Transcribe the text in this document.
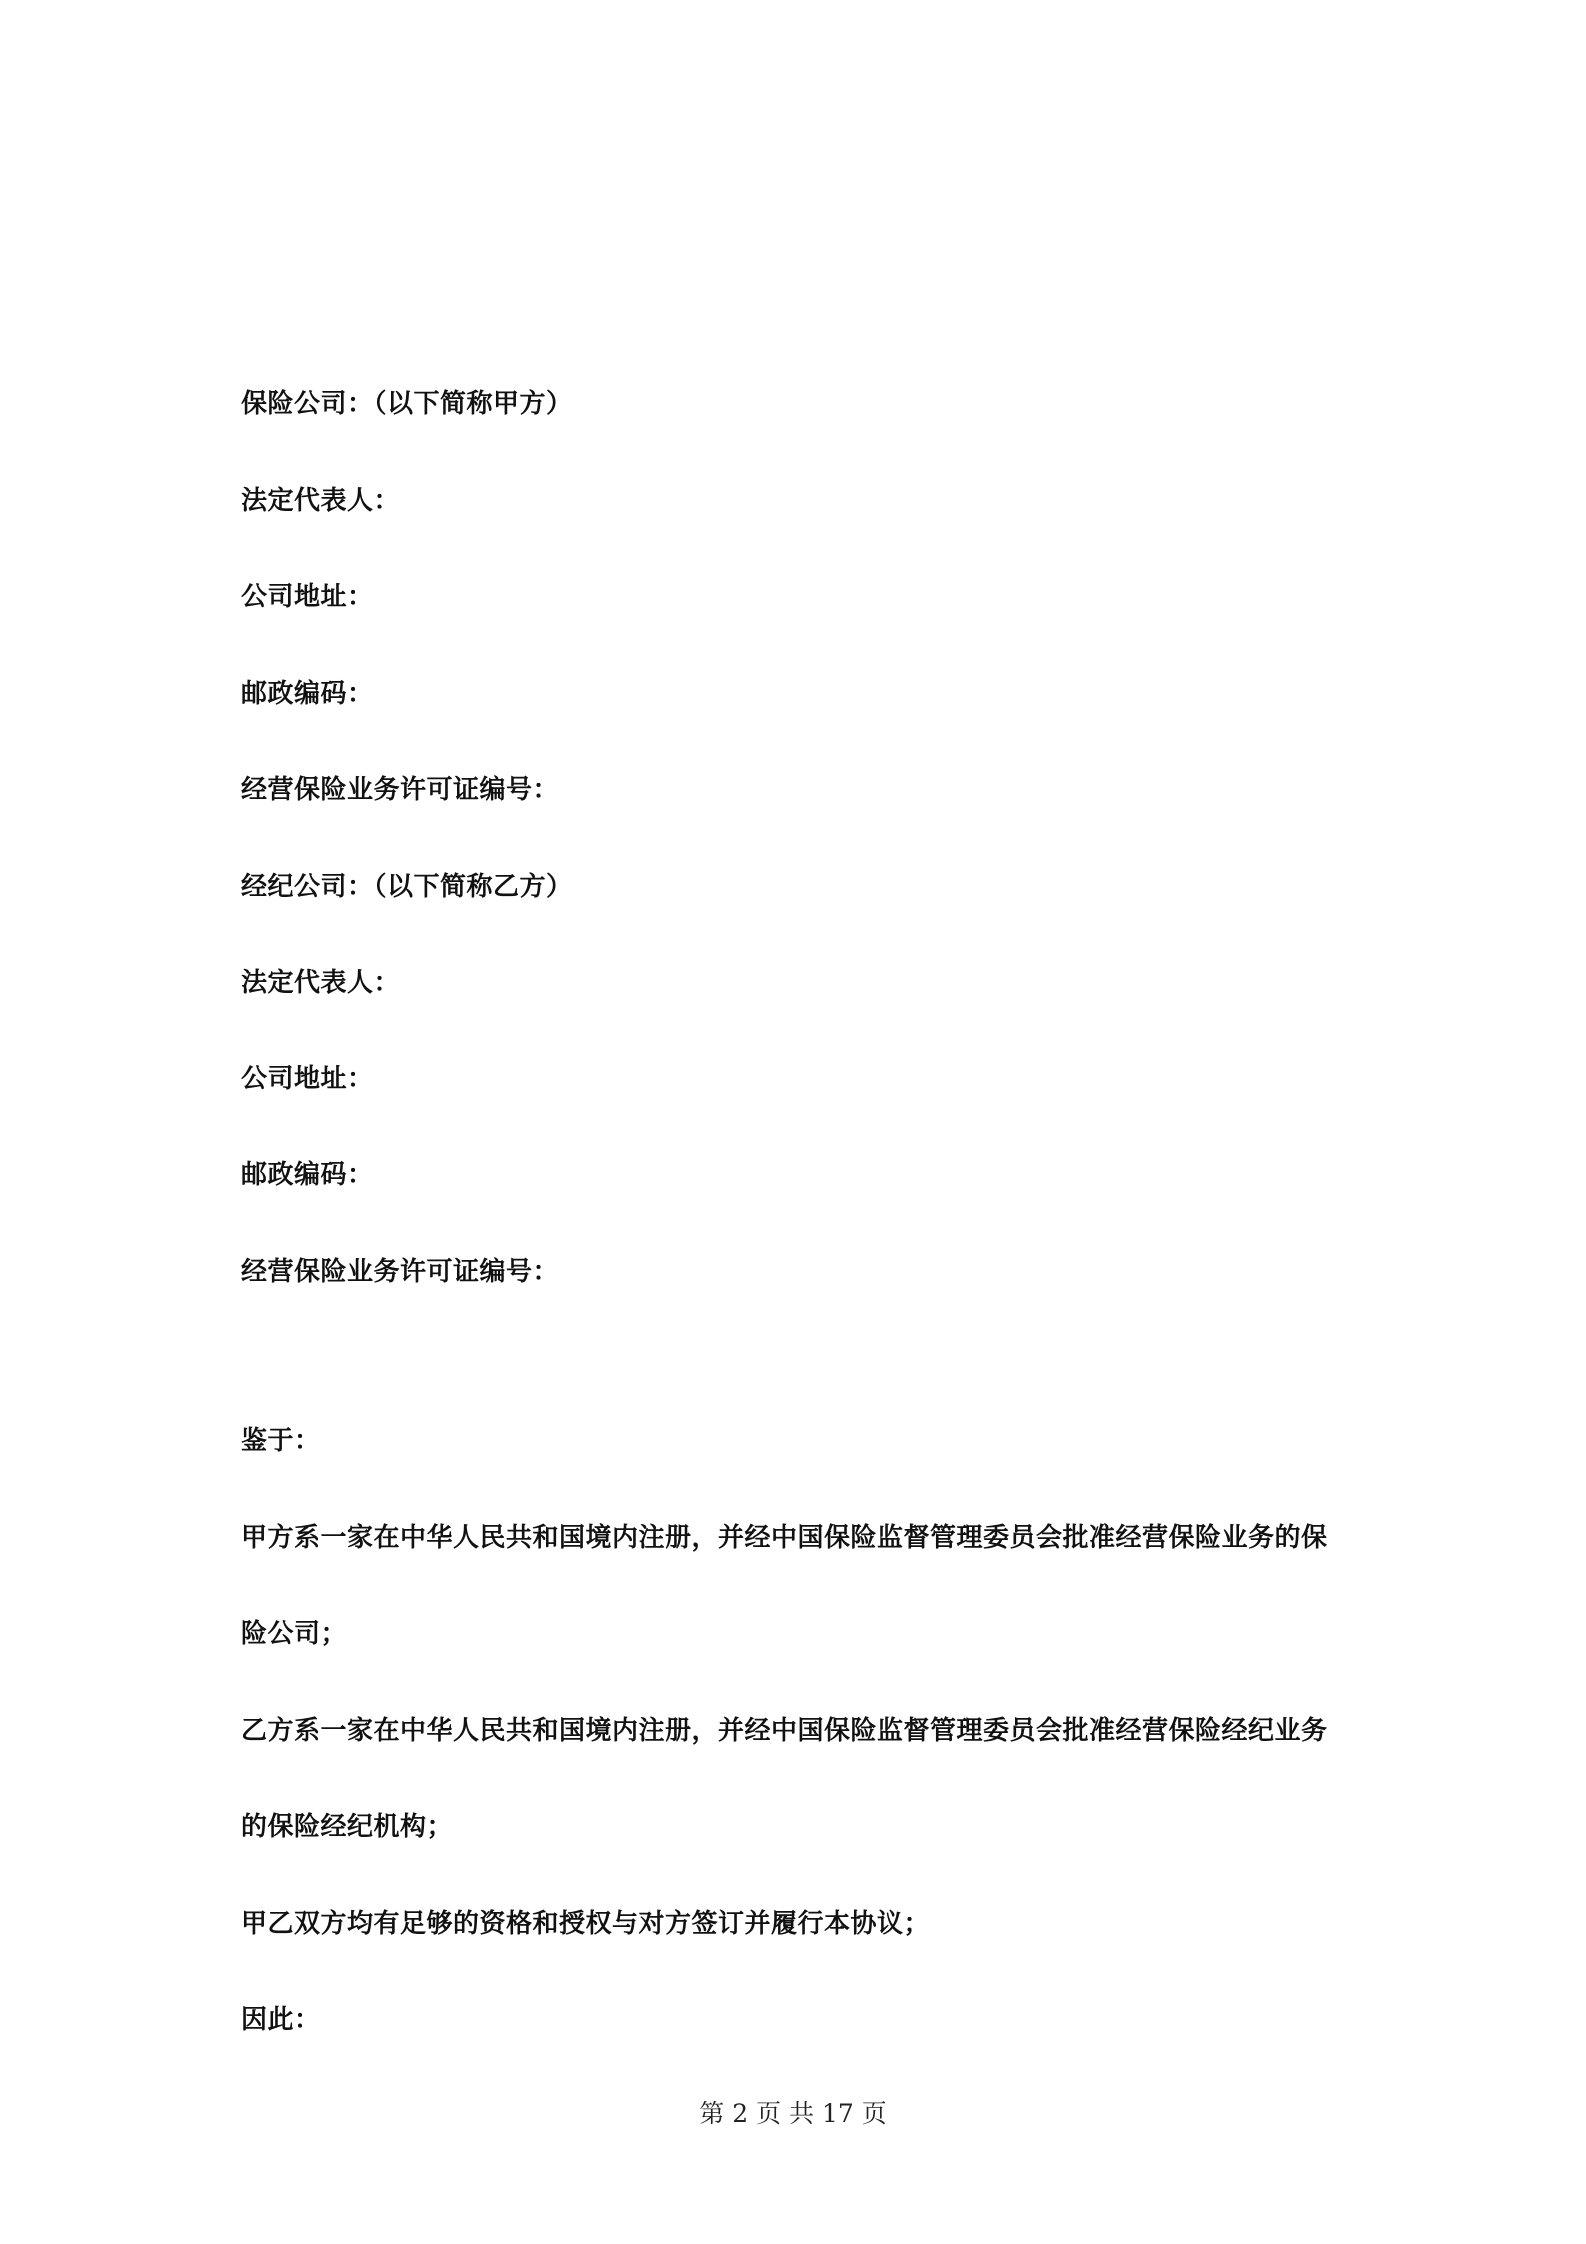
保险公司：（以下简称甲方）
法定代表人：
公司地址：
邮政编码：
经营保险业务许可证编号：
经纪公司：（以下简称乙方）
法定代表人：
公司地址：
邮政编码：
经营保险业务许可证编号：
鉴于：
甲方系一家在中华人民共和国境内注册，并经中国保险监督管理委员会批准经营保险业务的保
险公司；
乙方系一家在中华人民共和国境内注册，并经中国保险监督管理委员会批准经营保险经纪业务
的保险经纪机构；
甲乙双方均有足够的资格和授权与对方签订并履行本协议；
因此：
第 2 页 共 17 页
